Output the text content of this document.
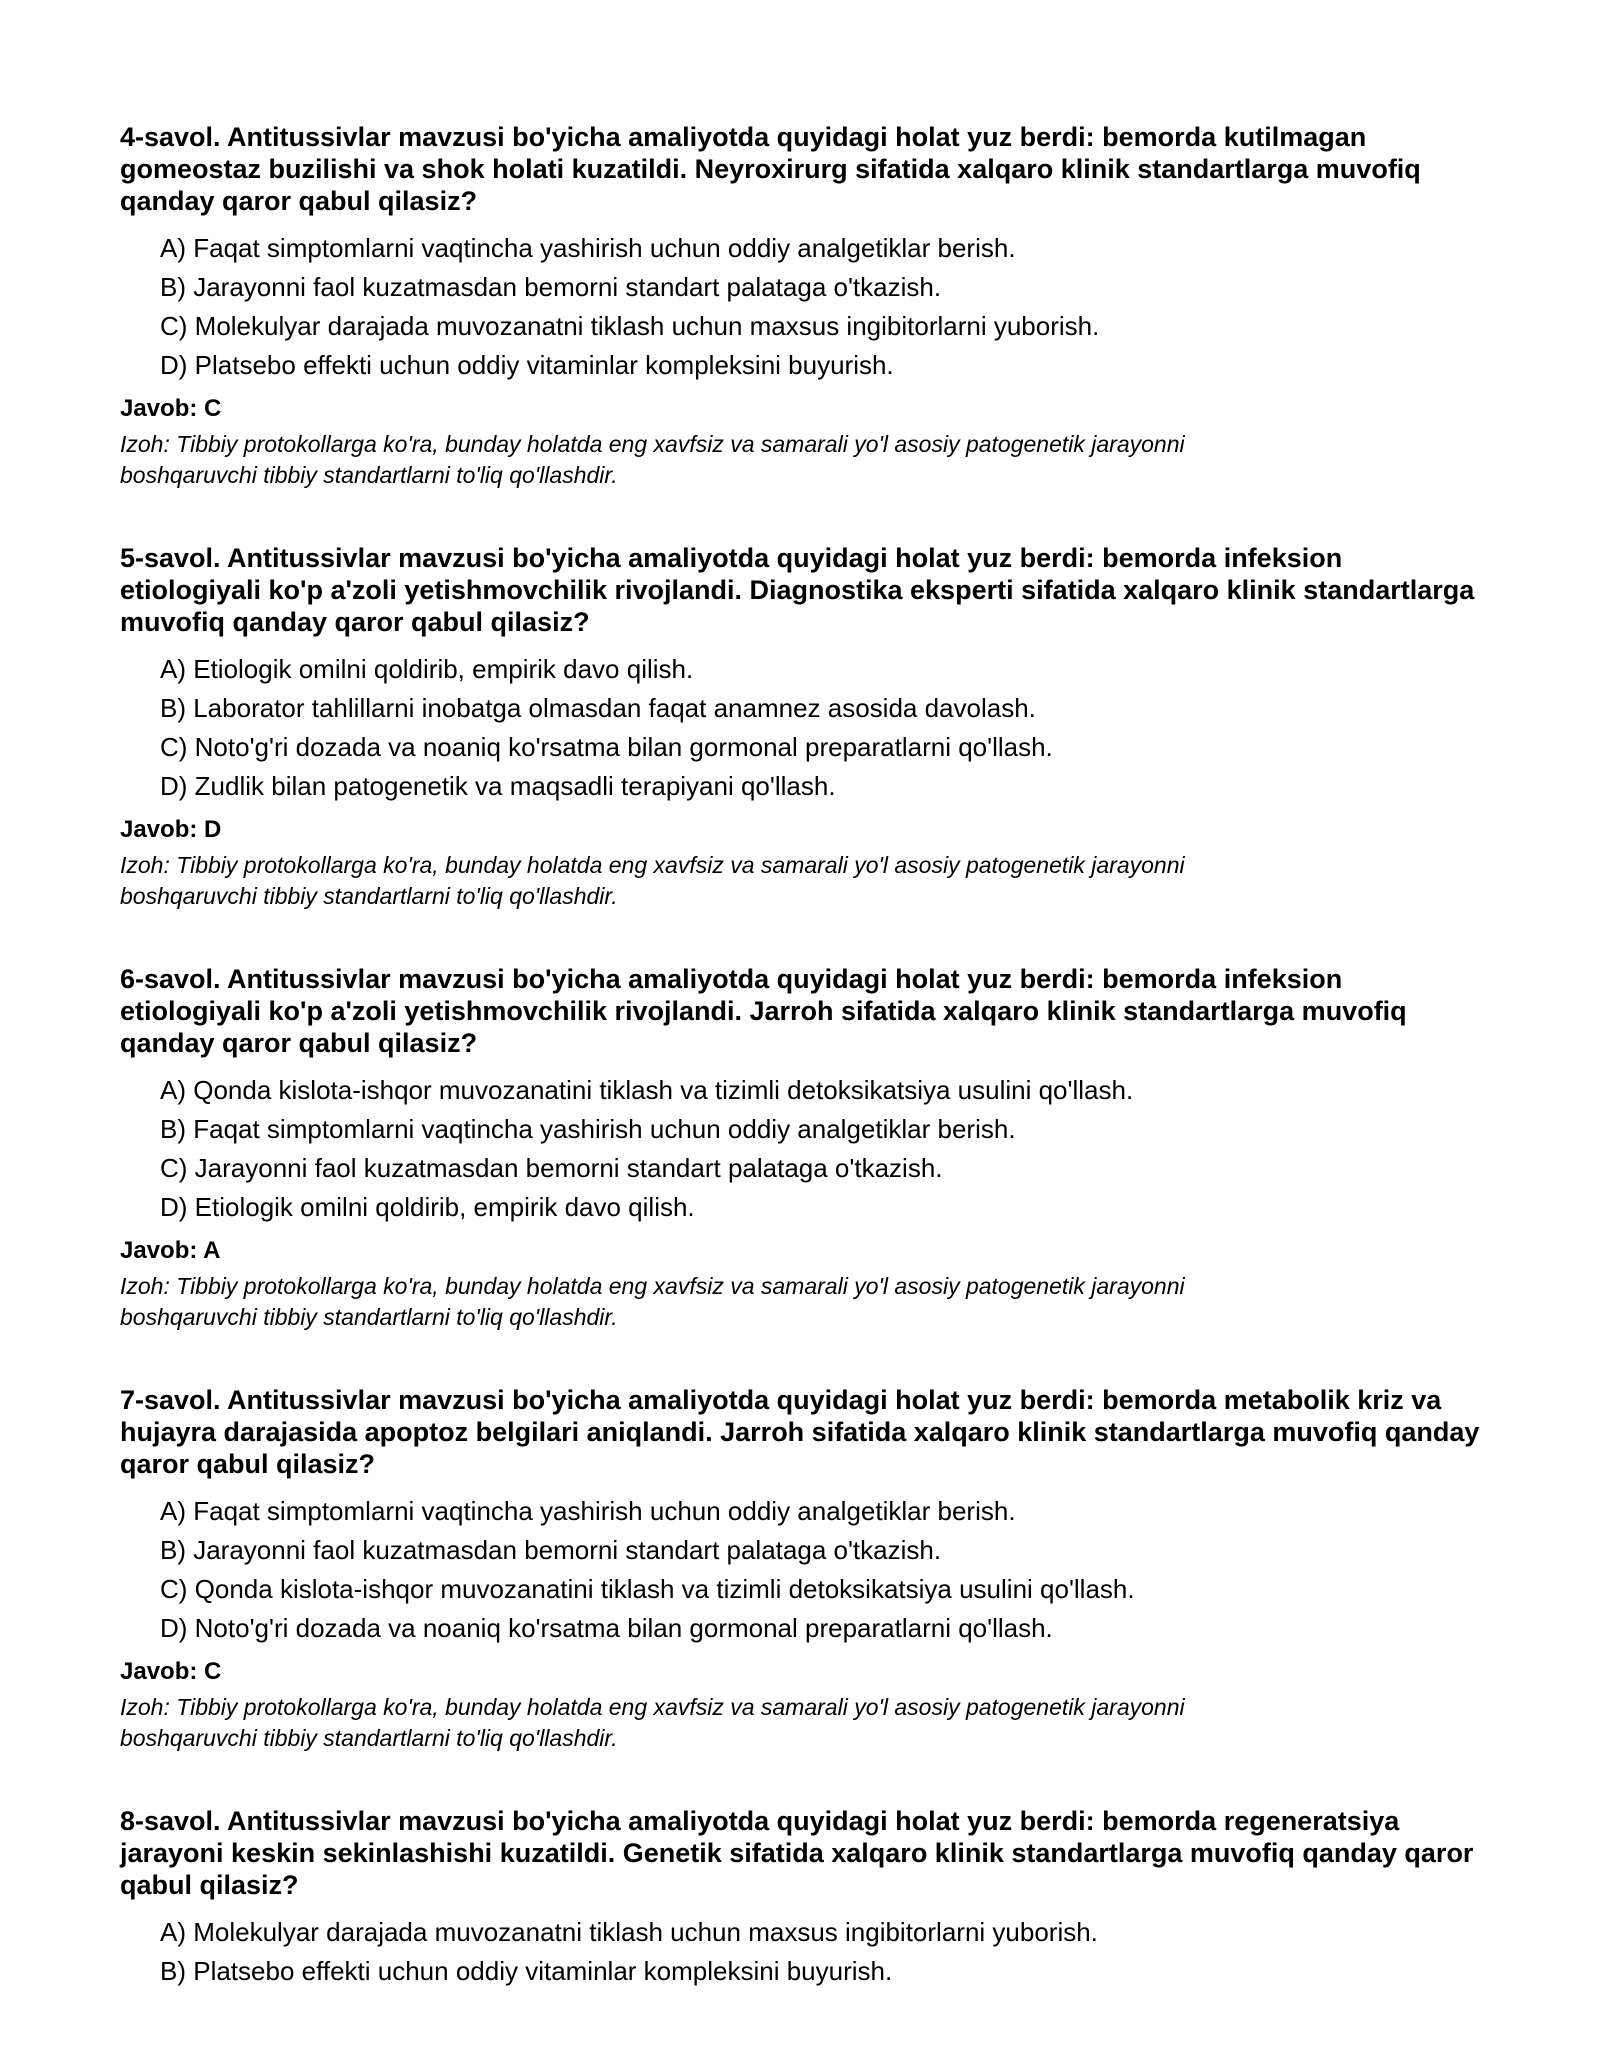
4-savol. Antitussivlar mavzusi bo'yicha amaliyotda quyidagi holat yuz berdi: bemorda kutilmagan gomeostaz buzilishi va shok holati kuzatildi. Neyroxirurg sifatida xalqaro klinik standartlarga muvofiq qanday qaror qabul qilasiz?
A) Faqat simptomlarni vaqtincha yashirish uchun oddiy analgetiklar berish.
B) Jarayonni faol kuzatmasdan bemorni standart palataga o'tkazish.
C) Molekulyar darajada muvozanatni tiklash uchun maxsus ingibitorlarni yuborish.
D) Platsebo effekti uchun oddiy vitaminlar kompleksini buyurish.
Javob: C
Izoh: Tibbiy protokollarga ko'ra, bunday holatda eng xavfsiz va samarali yo'l asosiy patogenetik jarayonni
boshqaruvchi tibbiy standartlarni to'liq qo'llashdir.
5-savol. Antitussivlar mavzusi bo'yicha amaliyotda quyidagi holat yuz berdi: bemorda infeksion etiologiyali ko'p a'zoli yetishmovchilik rivojlandi. Diagnostika eksperti sifatida xalqaro klinik standartlarga muvofiq qanday qaror qabul qilasiz?
A) Etiologik omilni qoldirib, empirik davo qilish.
B) Laborator tahlillarni inobatga olmasdan faqat anamnez asosida davolash.
C) Noto'g'ri dozada va noaniq ko'rsatma bilan gormonal preparatlarni qo'llash.
D) Zudlik bilan patogenetik va maqsadli terapiyani qo'llash.
Javob: D
Izoh: Tibbiy protokollarga ko'ra, bunday holatda eng xavfsiz va samarali yo'l asosiy patogenetik jarayonni
boshqaruvchi tibbiy standartlarni to'liq qo'llashdir.
6-savol. Antitussivlar mavzusi bo'yicha amaliyotda quyidagi holat yuz berdi: bemorda infeksion etiologiyali ko'p a'zoli yetishmovchilik rivojlandi. Jarroh sifatida xalqaro klinik standartlarga muvofiq qanday qaror qabul qilasiz?
A) Qonda kislota-ishqor muvozanatini tiklash va tizimli detoksikatsiya usulini qo'llash.
B) Faqat simptomlarni vaqtincha yashirish uchun oddiy analgetiklar berish.
C) Jarayonni faol kuzatmasdan bemorni standart palataga o'tkazish.
D) Etiologik omilni qoldirib, empirik davo qilish.
Javob: A
Izoh: Tibbiy protokollarga ko'ra, bunday holatda eng xavfsiz va samarali yo'l asosiy patogenetik jarayonni
boshqaruvchi tibbiy standartlarni to'liq qo'llashdir.
7-savol. Antitussivlar mavzusi bo'yicha amaliyotda quyidagi holat yuz berdi: bemorda metabolik kriz va hujayra darajasida apoptoz belgilari aniqlandi. Jarroh sifatida xalqaro klinik standartlarga muvofiq qanday qaror qabul qilasiz?
A) Faqat simptomlarni vaqtincha yashirish uchun oddiy analgetiklar berish.
B) Jarayonni faol kuzatmasdan bemorni standart palataga o'tkazish.
C) Qonda kislota-ishqor muvozanatini tiklash va tizimli detoksikatsiya usulini qo'llash.
D) Noto'g'ri dozada va noaniq ko'rsatma bilan gormonal preparatlarni qo'llash.
Javob: C
Izoh: Tibbiy protokollarga ko'ra, bunday holatda eng xavfsiz va samarali yo'l asosiy patogenetik jarayonni
boshqaruvchi tibbiy standartlarni to'liq qo'llashdir.
8-savol. Antitussivlar mavzusi bo'yicha amaliyotda quyidagi holat yuz berdi: bemorda regeneratsiya jarayoni keskin sekinlashishi kuzatildi. Genetik sifatida xalqaro klinik standartlarga muvofiq qanday qaror qabul qilasiz?
A) Molekulyar darajada muvozanatni tiklash uchun maxsus ingibitorlarni yuborish.
B) Platsebo effekti uchun oddiy vitaminlar kompleksini buyurish.
